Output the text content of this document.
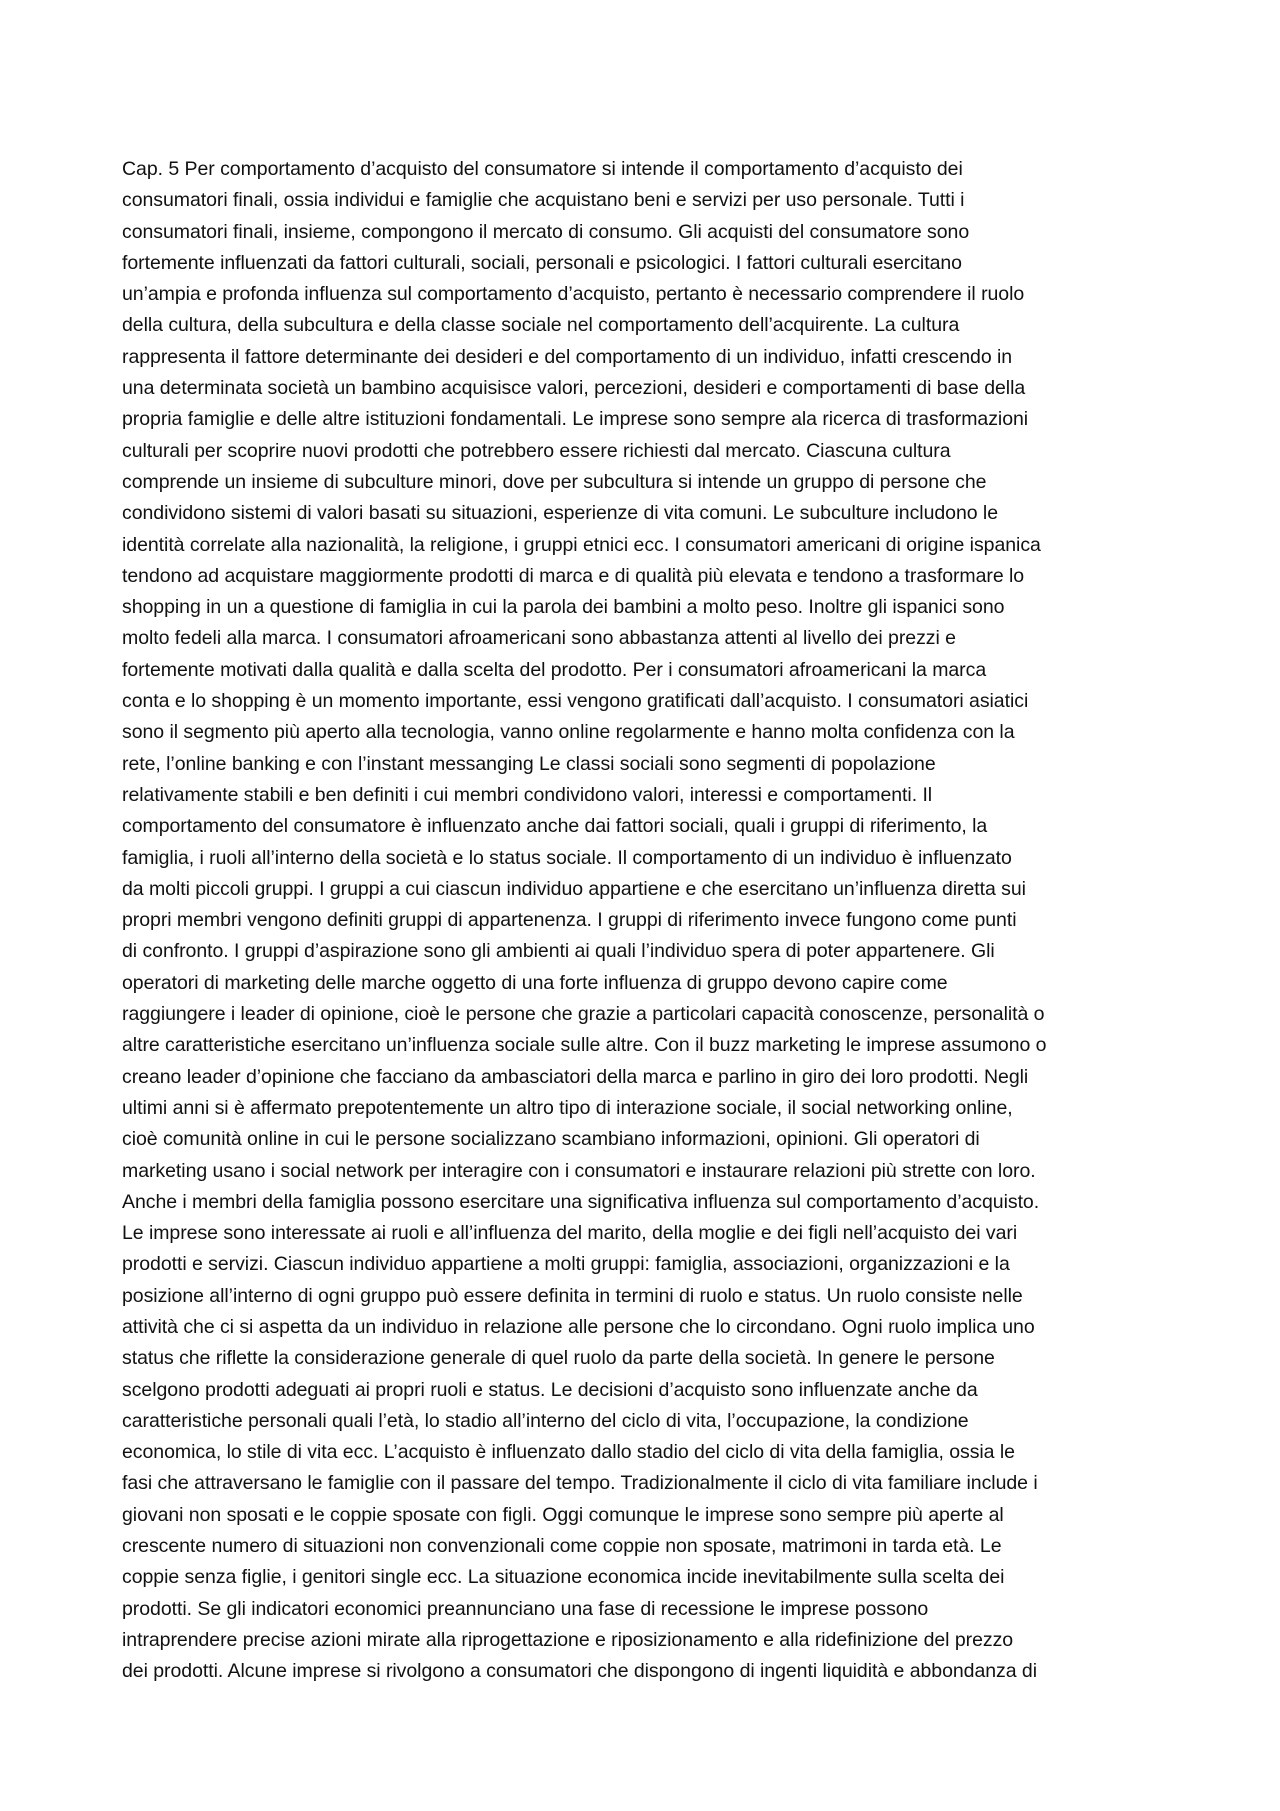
Cap. 5 Per comportamento d’acquisto del consumatore si intende il comportamento d’acquisto dei
consumatori finali, ossia individui e famiglie che acquistano beni e servizi per uso personale. Tutti i
consumatori finali, insieme, compongono il mercato di consumo. Gli acquisti del consumatore sono
fortemente influenzati da fattori culturali, sociali, personali e psicologici. I fattori culturali esercitano
un’ampia e profonda influenza sul comportamento d’acquisto, pertanto è necessario comprendere il ruolo
della cultura, della subcultura e della classe sociale nel comportamento dell’acquirente. La cultura
rappresenta il fattore determinante dei desideri e del comportamento di un individuo, infatti crescendo in
una determinata società un bambino acquisisce valori, percezioni, desideri e comportamenti di base della
propria famiglie e delle altre istituzioni fondamentali. Le imprese sono sempre ala ricerca di trasformazioni
culturali per scoprire nuovi prodotti che potrebbero essere richiesti dal mercato. Ciascuna cultura
comprende un insieme di subculture minori, dove per subcultura si intende un gruppo di persone che
condividono sistemi di valori basati su situazioni, esperienze di vita comuni. Le subculture includono le
identità correlate alla nazionalità, la religione, i gruppi etnici ecc. I consumatori americani di origine ispanica
tendono ad acquistare maggiormente prodotti di marca e di qualità più elevata e tendono a trasformare lo
shopping in un a questione di famiglia in cui la parola dei bambini a molto peso. Inoltre gli ispanici sono
molto fedeli alla marca. I consumatori afroamericani sono abbastanza attenti al livello dei prezzi e
fortemente motivati dalla qualità e dalla scelta del prodotto. Per i consumatori afroamericani la marca
conta e lo shopping è un momento importante, essi vengono gratificati dall’acquisto. I consumatori asiatici
sono il segmento più aperto alla tecnologia, vanno online regolarmente e hanno molta confidenza con la
rete, l’online banking e con l’instant messanging Le classi sociali sono segmenti di popolazione
relativamente stabili e ben definiti i cui membri condividono valori, interessi e comportamenti. Il
comportamento del consumatore è influenzato anche dai fattori sociali, quali i gruppi di riferimento, la
famiglia, i ruoli all’interno della società e lo status sociale. Il comportamento di un individuo è influenzato
da molti piccoli gruppi. I gruppi a cui ciascun individuo appartiene e che esercitano un’influenza diretta sui
propri membri vengono definiti gruppi di appartenenza. I gruppi di riferimento invece fungono come punti
di confronto. I gruppi d’aspirazione sono gli ambienti ai quali l’individuo spera di poter appartenere. Gli
operatori di marketing delle marche oggetto di una forte influenza di gruppo devono capire come
raggiungere i leader di opinione, cioè le persone che grazie a particolari capacità conoscenze, personalità o
altre caratteristiche esercitano un’influenza sociale sulle altre. Con il buzz marketing le imprese assumono o
creano leader d’opinione che facciano da ambasciatori della marca e parlino in giro dei loro prodotti. Negli
ultimi anni si è affermato prepotentemente un altro tipo di interazione sociale, il social networking online,
cioè comunità online in cui le persone socializzano scambiano informazioni, opinioni. Gli operatori di
marketing usano i social network per interagire con i consumatori e instaurare relazioni più strette con loro.
Anche i membri della famiglia possono esercitare una significativa influenza sul comportamento d’acquisto.
Le imprese sono interessate ai ruoli e all’influenza del marito, della moglie e dei figli nell’acquisto dei vari
prodotti e servizi. Ciascun individuo appartiene a molti gruppi: famiglia, associazioni, organizzazioni e la
posizione all’interno di ogni gruppo può essere definita in termini di ruolo e status. Un ruolo consiste nelle
attività che ci si aspetta da un individuo in relazione alle persone che lo circondano. Ogni ruolo implica uno
status che riflette la considerazione generale di quel ruolo da parte della società. In genere le persone
scelgono prodotti adeguati ai propri ruoli e status. Le decisioni d’acquisto sono influenzate anche da
caratteristiche personali quali l’età, lo stadio all’interno del ciclo di vita, l’occupazione, la condizione
economica, lo stile di vita ecc. L’acquisto è influenzato dallo stadio del ciclo di vita della famiglia, ossia le
fasi che attraversano le famiglie con il passare del tempo. Tradizionalmente il ciclo di vita familiare include i
giovani non sposati e le coppie sposate con figli. Oggi comunque le imprese sono sempre più aperte al
crescente numero di situazioni non convenzionali come coppie non sposate, matrimoni in tarda età. Le
coppie senza figlie, i genitori single ecc. La situazione economica incide inevitabilmente sulla scelta dei
prodotti. Se gli indicatori economici preannunciano una fase di recessione le imprese possono
intraprendere precise azioni mirate alla riprogettazione e riposizionamento e alla ridefinizione del prezzo
dei prodotti. Alcune imprese si rivolgono a consumatori che dispongono di ingenti liquidità e abbondanza di
